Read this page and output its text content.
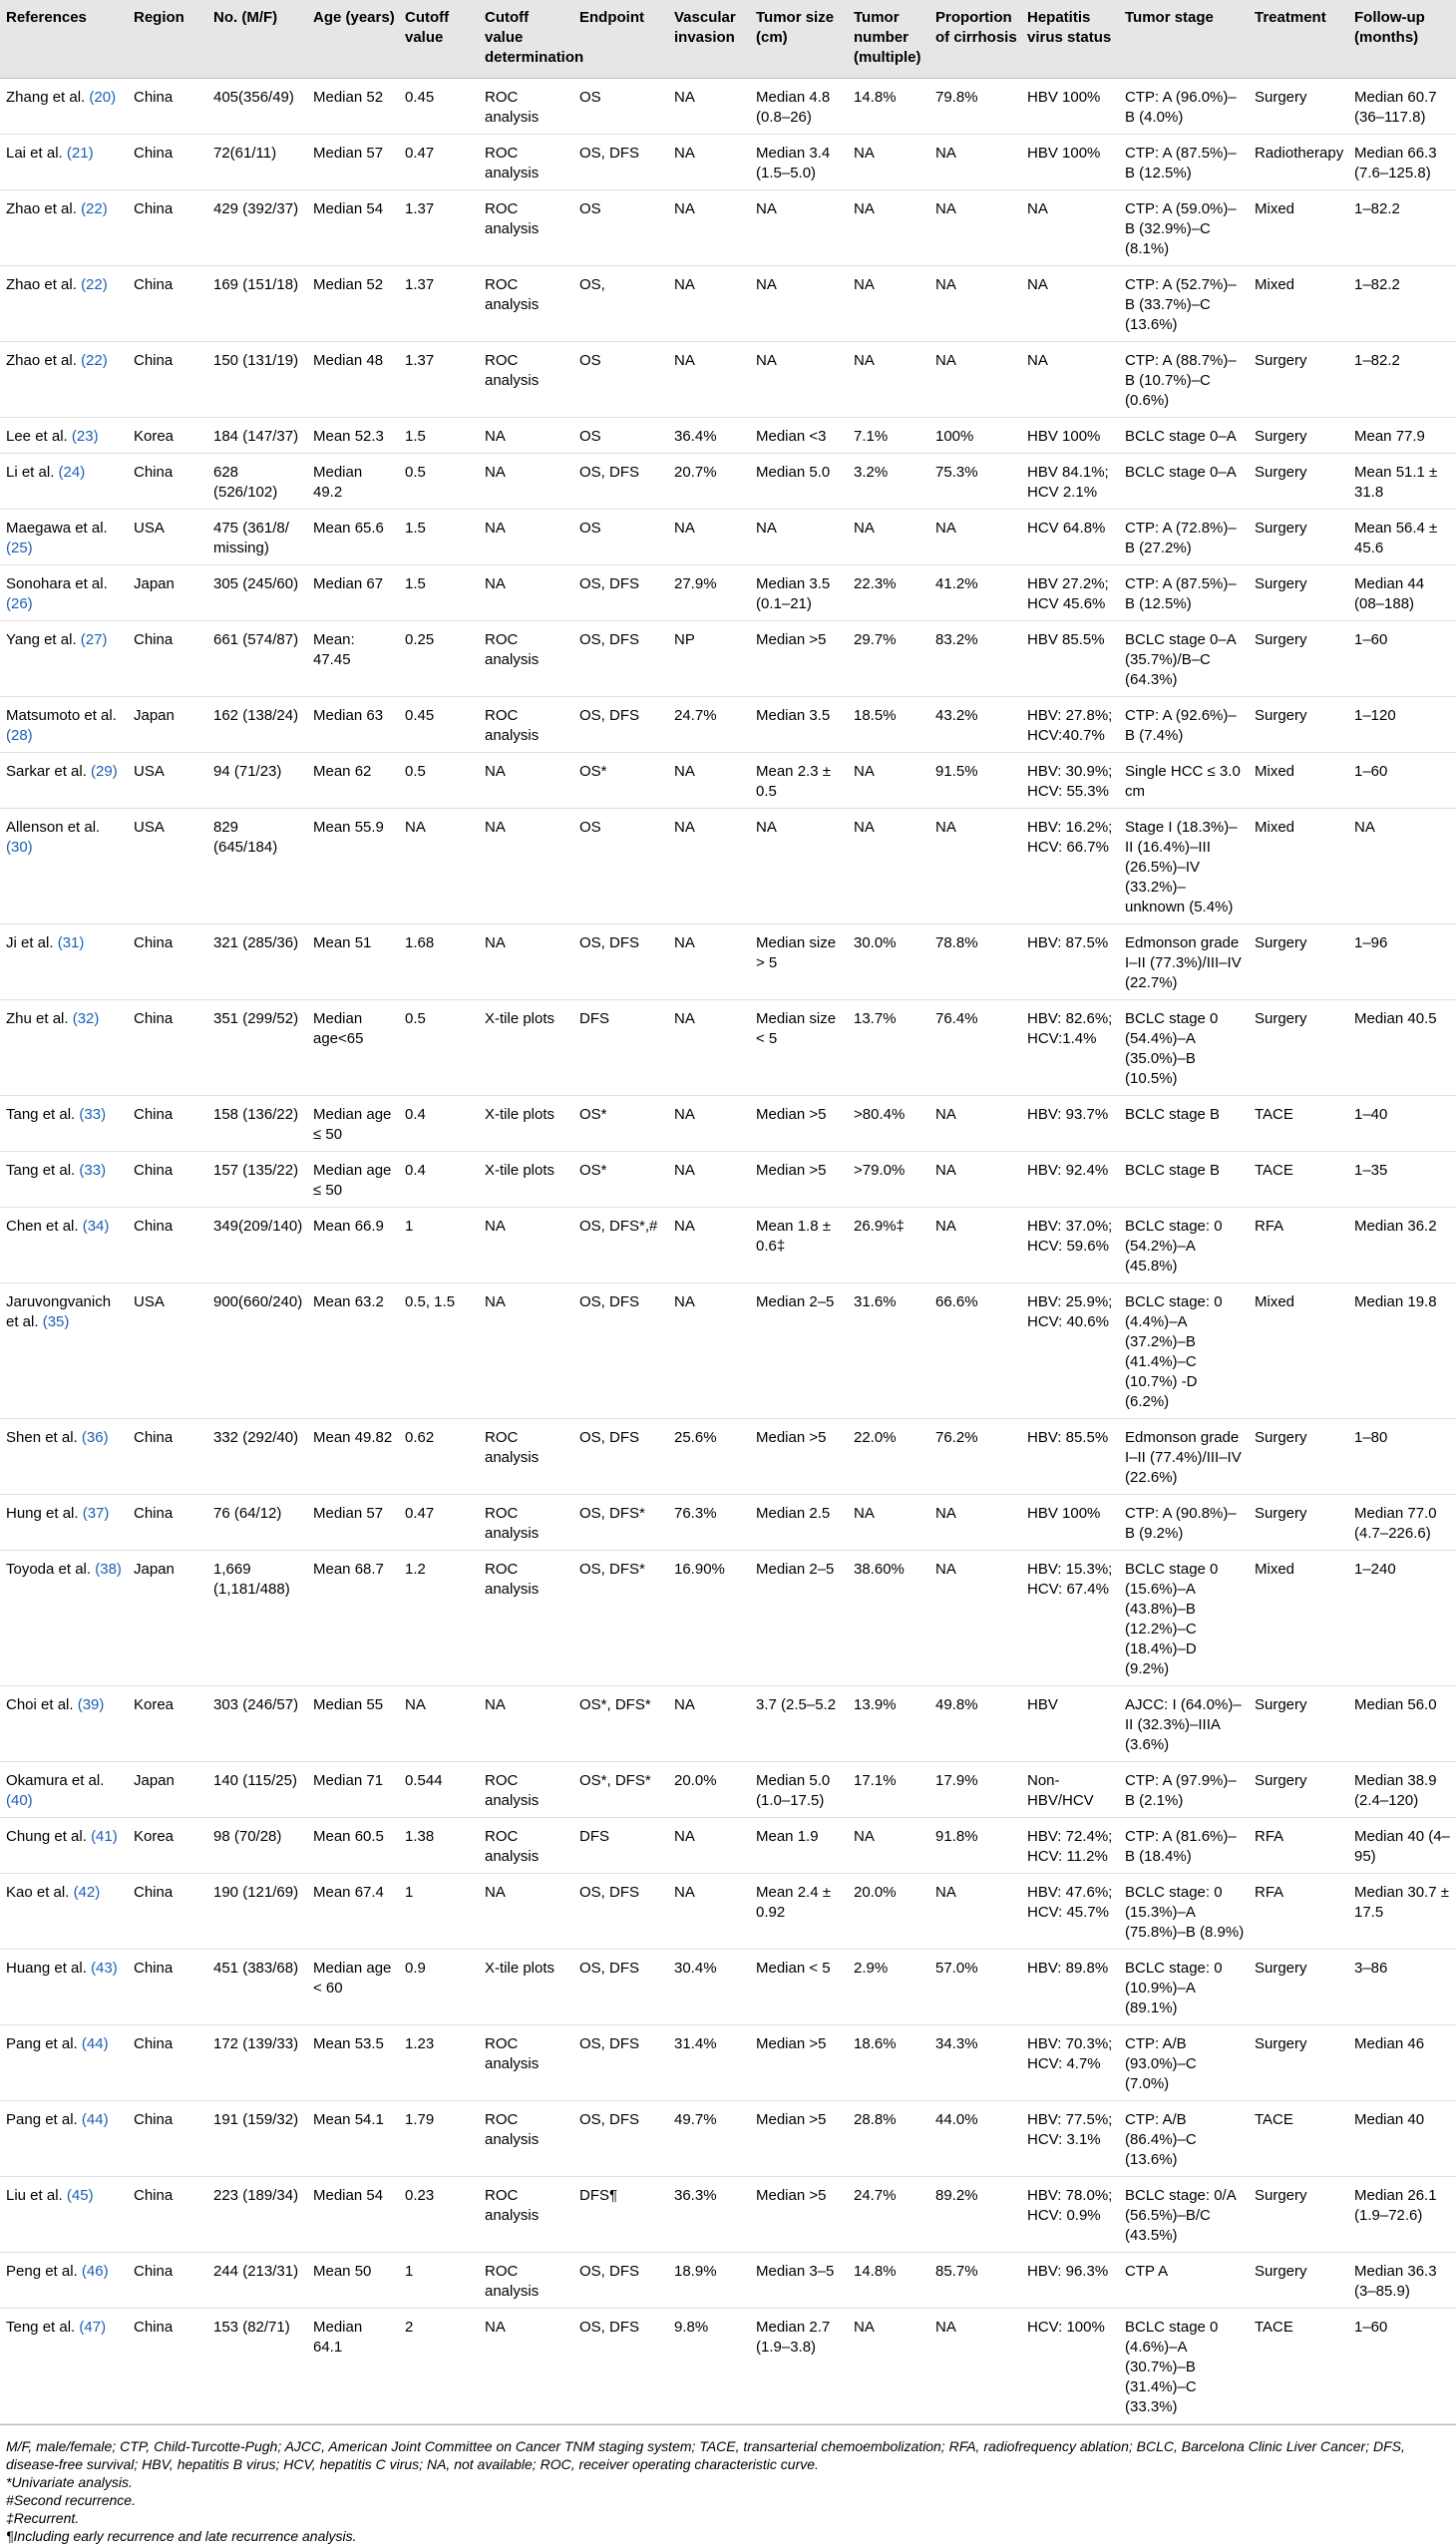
References	Region	No. (M/F)	Age (years)	Cutoff value	Cutoff value determination	Endpoint	Vascular invasion	Tumor size (cm)	Tumor number (multiple)	Proportion of cirrhosis	Hepatitis virus status	Tumor stage	Treatment	Follow-up (months)
Zhang et al. (20)	China	405(356/49)	Median 52	0.45	ROC analysis	OS	NA	Median 4.8 (0.8–26)	14.8%	79.8%	HBV 100%	CTP: A (96.0%)–B (4.0%)	Surgery	Median 60.7 (36–117.8)
Lai et al. (21)	China	72(61/11)	Median 57	0.47	ROC analysis	OS, DFS	NA	Median 3.4 (1.5–5.0)	NA	NA	HBV 100%	CTP: A (87.5%)–B (12.5%)	Radiotherapy	Median 66.3 (7.6–125.8)
Zhao et al. (22)	China	429 (392/37)	Median 54	1.37	ROC analysis	OS	NA	NA	NA	NA	NA	CTP: A (59.0%)–B (32.9%)–C (8.1%)	Mixed	1–82.2
Zhao et al. (22)	China	169 (151/18)	Median 52	1.37	ROC analysis	OS,	NA	NA	NA	NA	NA	CTP: A (52.7%)–B (33.7%)–C (13.6%)	Mixed	1–82.2
Zhao et al. (22)	China	150 (131/19)	Median 48	1.37	ROC analysis	OS	NA	NA	NA	NA	NA	CTP: A (88.7%)–B (10.7%)–C (0.6%)	Surgery	1–82.2
Lee et al. (23)	Korea	184 (147/37)	Mean 52.3	1.5	NA	OS	36.4%	Median <3	7.1%	100%	HBV 100%	BCLC stage 0–A	Surgery	Mean 77.9
Li et al. (24)	China	628 (526/102)	Median 49.2	0.5	NA	OS, DFS	20.7%	Median 5.0	3.2%	75.3%	HBV 84.1%; HCV 2.1%	BCLC stage 0–A	Surgery	Mean 51.1 ± 31.8
Maegawa et al. (25)	USA	475 (361/8/ missing)	Mean 65.6	1.5	NA	OS	NA	NA	NA	NA	HCV 64.8%	CTP: A (72.8%)–B (27.2%)	Surgery	Mean 56.4 ± 45.6
Sonohara et al. (26)	Japan	305 (245/60)	Median 67	1.5	NA	OS, DFS	27.9%	Median 3.5 (0.1–21)	22.3%	41.2%	HBV 27.2%; HCV 45.6%	CTP: A (87.5%)–B (12.5%)	Surgery	Median 44 (08–188)
Yang et al. (27)	China	661 (574/87)	Mean: 47.45	0.25	ROC analysis	OS, DFS	NP	Median >5	29.7%	83.2%	HBV 85.5%	BCLC stage 0–A (35.7%)/B–C (64.3%)	Surgery	1–60
Matsumoto et al. (28)	Japan	162 (138/24)	Median 63	0.45	ROC analysis	OS, DFS	24.7%	Median 3.5	18.5%	43.2%	HBV: 27.8%; HCV:40.7%	CTP: A (92.6%)–B (7.4%)	Surgery	1–120
Sarkar et al. (29)	USA	94 (71/23)	Mean 62	0.5	NA	OS*	NA	Mean 2.3 ± 0.5	NA	91.5%	HBV: 30.9%; HCV: 55.3%	Single HCC ≤ 3.0 cm	Mixed	1–60
Allenson et al. (30)	USA	829 (645/184)	Mean 55.9	NA	NA	OS	NA	NA	NA	NA	HBV: 16.2%; HCV: 66.7%	Stage I (18.3%)–II (16.4%)–III (26.5%)–IV (33.2%)–unknown (5.4%)	Mixed	NA
Ji et al. (31)	China	321 (285/36)	Mean 51	1.68	NA	OS, DFS	NA	Median size > 5	30.0%	78.8%	HBV: 87.5%	Edmonson grade I–II (77.3%)/III–IV (22.7%)	Surgery	1–96
Zhu et al. (32)	China	351 (299/52)	Median age<65	0.5	X-tile plots	DFS	NA	Median size < 5	13.7%	76.4%	HBV: 82.6%; HCV:1.4%	BCLC stage 0 (54.4%)–A (35.0%)–B (10.5%)	Surgery	Median 40.5
Tang et al. (33)	China	158 (136/22)	Median age ≤ 50	0.4	X-tile plots	OS*	NA	Median >5	>80.4%	NA	HBV: 93.7%	BCLC stage B	TACE	1–40
Tang et al. (33)	China	157 (135/22)	Median age ≤ 50	0.4	X-tile plots	OS*	NA	Median >5	>79.0%	NA	HBV: 92.4%	BCLC stage B	TACE	1–35
Chen et al. (34)	China	349(209/140)	Mean 66.9	1	NA	OS, DFS*,#	NA	Mean 1.8 ± 0.6‡	26.9%‡	NA	HBV: 37.0%; HCV: 59.6%	BCLC stage: 0 (54.2%)–A (45.8%)	RFA	Median 36.2
Jaruvongvanich et al. (35)	USA	900(660/240)	Mean 63.2	0.5, 1.5	NA	OS, DFS	NA	Median 2–5	31.6%	66.6%	HBV: 25.9%; HCV: 40.6%	BCLC stage: 0 (4.4%)–A (37.2%)–B (41.4%)–C (10.7%) -D (6.2%)	Mixed	Median 19.8
Shen et al. (36)	China	332 (292/40)	Mean 49.82	0.62	ROC analysis	OS, DFS	25.6%	Median >5	22.0%	76.2%	HBV: 85.5%	Edmonson grade I–II (77.4%)/III–IV (22.6%)	Surgery	1–80
Hung et al. (37)	China	76 (64/12)	Median 57	0.47	ROC analysis	OS, DFS*	76.3%	Median 2.5	NA	NA	HBV 100%	CTP: A (90.8%)–B (9.2%)	Surgery	Median 77.0 (4.7–226.6)
Toyoda et al. (38)	Japan	1,669 (1,181/488)	Mean 68.7	1.2	ROC analysis	OS, DFS*	16.90%	Median 2–5	38.60%	NA	HBV: 15.3%; HCV: 67.4%	BCLC stage 0 (15.6%)–A (43.8%)–B (12.2%)–C (18.4%)–D (9.2%)	Mixed	1–240
Choi et al. (39)	Korea	303 (246/57)	Median 55	NA	NA	OS*, DFS*	NA	3.7 (2.5–5.2	13.9%	49.8%	HBV	AJCC: I (64.0%)–II (32.3%)–IIIA (3.6%)	Surgery	Median 56.0
Okamura et al. (40)	Japan	140 (115/25)	Median 71	0.544	ROC analysis	OS*, DFS*	20.0%	Median 5.0 (1.0–17.5)	17.1%	17.9%	Non-HBV/HCV	CTP: A (97.9%)–B (2.1%)	Surgery	Median 38.9 (2.4–120)
Chung et al. (41)	Korea	98 (70/28)	Mean 60.5	1.38	ROC analysis	DFS	NA	Mean 1.9	NA	91.8%	HBV: 72.4%; HCV: 11.2%	CTP: A (81.6%)–B (18.4%)	RFA	Median 40 (4–95)
Kao et al. (42)	China	190 (121/69)	Mean 67.4	1	NA	OS, DFS	NA	Mean 2.4 ± 0.92	20.0%	NA	HBV: 47.6%; HCV: 45.7%	BCLC stage: 0 (15.3%)–A (75.8%)–B (8.9%)	RFA	Median 30.7 ± 17.5
Huang et al. (43)	China	451 (383/68)	Median age < 60	0.9	X-tile plots	OS, DFS	30.4%	Median < 5	2.9%	57.0%	HBV: 89.8%	BCLC stage: 0 (10.9%)–A (89.1%)	Surgery	3–86
Pang et al. (44)	China	172 (139/33)	Mean 53.5	1.23	ROC analysis	OS, DFS	31.4%	Median >5	18.6%	34.3%	HBV: 70.3%; HCV: 4.7%	CTP: A/B (93.0%)–C (7.0%)	Surgery	Median 46
Pang et al. (44)	China	191 (159/32)	Mean 54.1	1.79	ROC analysis	OS, DFS	49.7%	Median >5	28.8%	44.0%	HBV: 77.5%; HCV: 3.1%	CTP: A/B (86.4%)–C (13.6%)	TACE	Median 40
Liu et al. (45)	China	223 (189/34)	Median 54	0.23	ROC analysis	DFS¶	36.3%	Median >5	24.7%	89.2%	HBV: 78.0%; HCV: 0.9%	BCLC stage: 0/A (56.5%)–B/C (43.5%)	Surgery	Median 26.1 (1.9–72.6)
Peng et al. (46)	China	244 (213/31)	Mean 50	1	ROC analysis	OS, DFS	18.9%	Median 3–5	14.8%	85.7%	HBV: 96.3%	CTP A	Surgery	Median 36.3 (3–85.9)
Teng et al. (47)	China	153 (82/71)	Median 64.1	2	NA	OS, DFS	9.8%	Median 2.7 (1.9–3.8)	NA	NA	HCV: 100%	BCLC stage 0 (4.6%)–A (30.7%)–B (31.4%)–C (33.3%)	TACE	1–60

M/F, male/female; CTP, Child-Turcotte-Pugh; AJCC, American Joint Committee on Cancer TNM staging system; TACE, transarterial chemoembolization; RFA, radiofrequency ablation; BCLC, Barcelona Clinic Liver Cancer; DFS, disease-free survival; HBV, hepatitis B virus; HCV, hepatitis C virus; NA, not available; ROC, receiver operating characteristic curve.

*Univariate analysis.

#Second recurrence.

‡Recurrent.

¶Including early recurrence and late recurrence analysis.
